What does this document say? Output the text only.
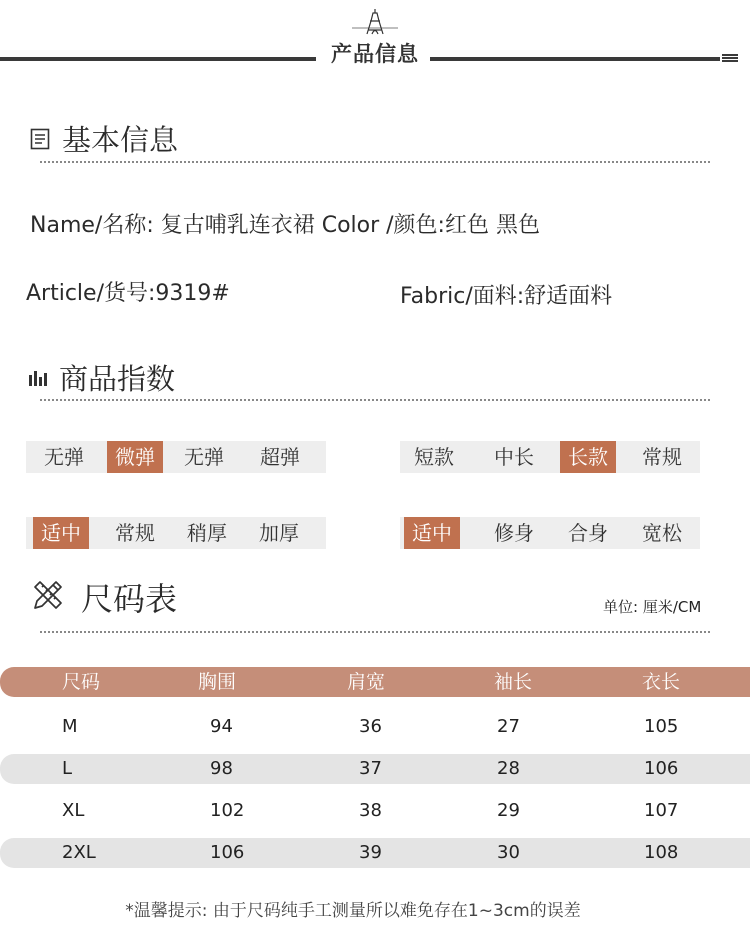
产品信息
基本信息
Name/名称: 复古哺乳连衣裙 Color /颜色:红色 黑色
Article/货号:9319#	Fabric/面料:舒适面料
商品指数
无弹	微弹	无弹	超弹	短款	中长	长款	常规
适中	常规	稍厚	加厚	适中	修身	合身	宽松
尺码表	单位: 厘米/CM
尺码	胸围	肩宽	袖长	衣长
M	94	36	27	105
L	98	37	28	106
XL	102	38	29	107
2XL	106	39	30	108
*温馨提示: 由于尺码纯手工测量所以难免存在1~3cm的误差
